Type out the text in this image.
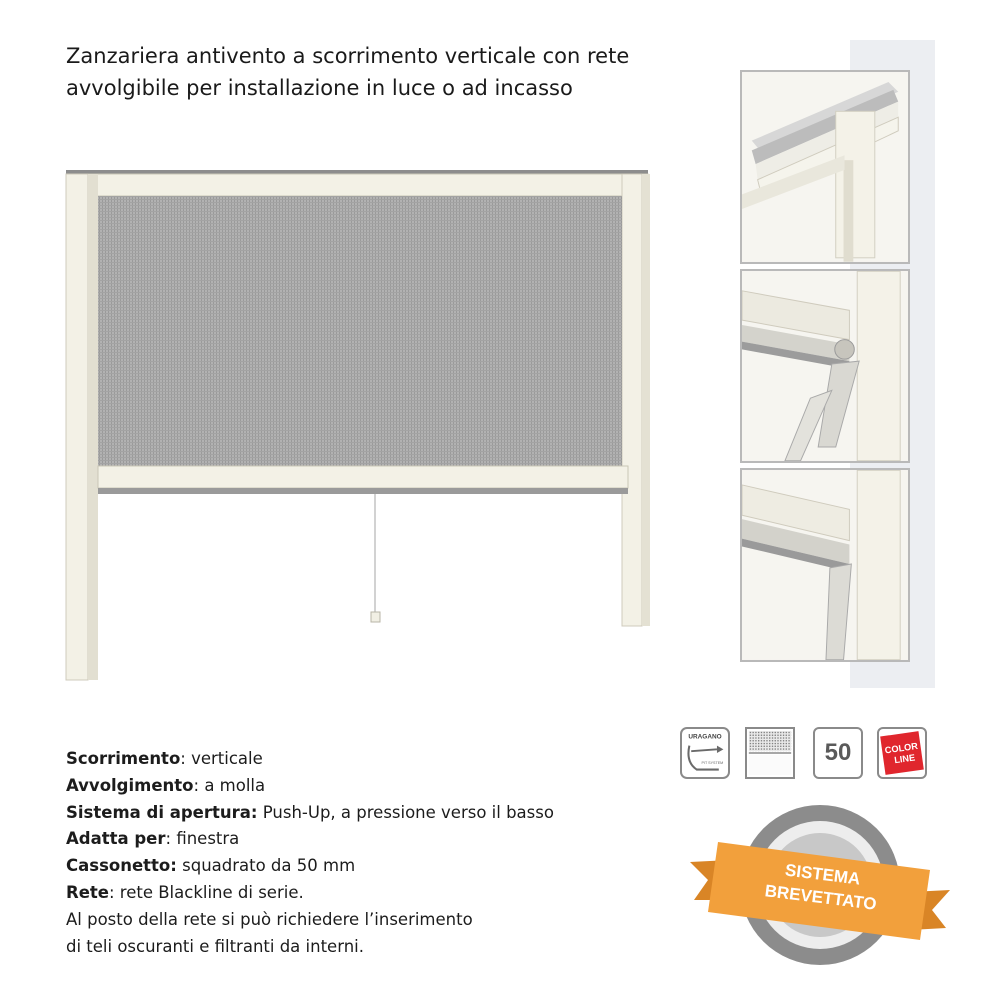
Zanzariera antivento a scorrimento verticale con rete avvolgibile per installazione in luce o ad incasso
Scorrimento: verticale
Avvolgimento: a molla
Sistema di apertura: Push-Up, a pressione verso il basso
Adatta per: finestra
Cassonetto: squadrato da 50 mm
Rete: rete Blackline di serie.
Al posto della rete si può richiedere l’inserimento
di teli oscuranti e filtranti da interni.
URAGANO
PIT SYSTEM	50	COLOR
LINE
SISTEMA
BREVETTATO
